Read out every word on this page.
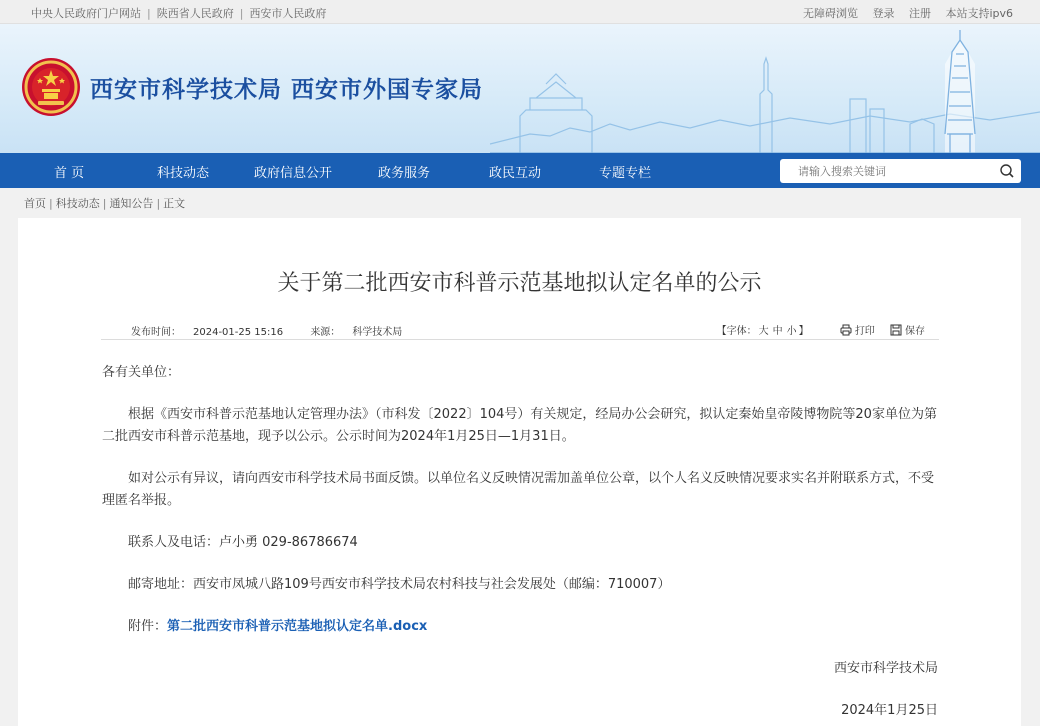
中央人民政府门户网站 | 陕西省人民政府 | 西安市人民政府	无障碍浏览 登录 注册 本站支持ipv6
西安市科学技术局 西安市外国专家局
首 页	科技动态	政府信息公开	政务服务	政民互动	专题专栏
请输入搜索关键词
首页 | 科技动态 | 通知公告 | 正文
关于第二批西安市科普示范基地拟认定名单的公示
发布时间： 2024-01-25 15:16	来源： 科学技术局	【字体： 大 中 小 】	打印	保存

各有关单位：

根据《西安市科普示范基地认定管理办法》（市科发〔2022〕104号）有关规定，经局办公会研究，拟认定秦始皇帝陵博物院等20家单位为第二批西安市科普示范基地，现予以公示。公示时间为2024年1月25日—1月31日。

如对公示有异议，请向西安市科学技术局书面反馈。以单位名义反映情况需加盖单位公章，以个人名义反映情况要求实名并附联系方式，不受理匿名举报。

联系人及电话：卢小勇 029-86786674

邮寄地址：西安市凤城八路109号西安市科学技术局农村科技与社会发展处（邮编：710007）

附件：第二批西安市科普示范基地拟认定名单.docx

西安市科学技术局

2024年1月25日
